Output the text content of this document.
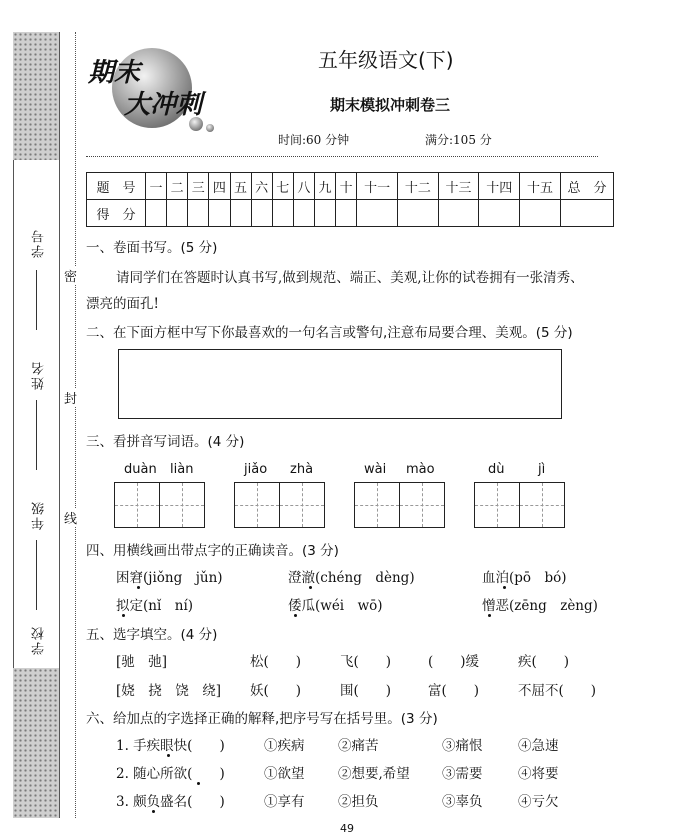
学号
姓名
年级
学校
密
封
线
期末
大冲刺
五年级语文(下)
期末模拟冲刺卷三
时间:60 分钟	满分:105 分
题　号	一	二	三	四	五	六	七	八	九	十	十一	十二	十三	十四	十五	总　分
得　分																
一、卷面书写。(5 分)
请同学们在答题时认真书写,做到规范、端正、美观,让你的试卷拥有一张清秀、
漂亮的面孔!
二、在下面方框中写下你最喜欢的一句名言或警句,注意布局要合理、美观。(5 分)
三、看拼音写词语。(4 分)
duàn liàn	jiǎo zhà	wài mào	dù	jì
四、用横线画出带点字的正确读音。(3 分)
困窘(jiǒng　jǔn)	澄澈(chéng　dèng)	血泊(pō　bó)
拟定(nǐ　ní)	倭瓜(wéi　wō)	憎恶(zēng　zèng)
五、选字填空。(4 分)
[驰　弛]	松(　　)	飞(　　)	(　　)缓	疾(　　)
[娆　挠　饶　绕] 妖(　　)	围(　　)	富(　　)	不屈不(　　)
六、给加点的字选择正确的解释,把序号写在括号里。(3 分)
1. 手疾眼快(　　)	①疾病 ②痛苦	③痛恨	④急速
2. 随心所欲(　　)	①欲望 ②想要,希望 ③需要	④将要
3. 颇负盛名(　　)	①享有 ②担负	③辜负	④亏欠
49
